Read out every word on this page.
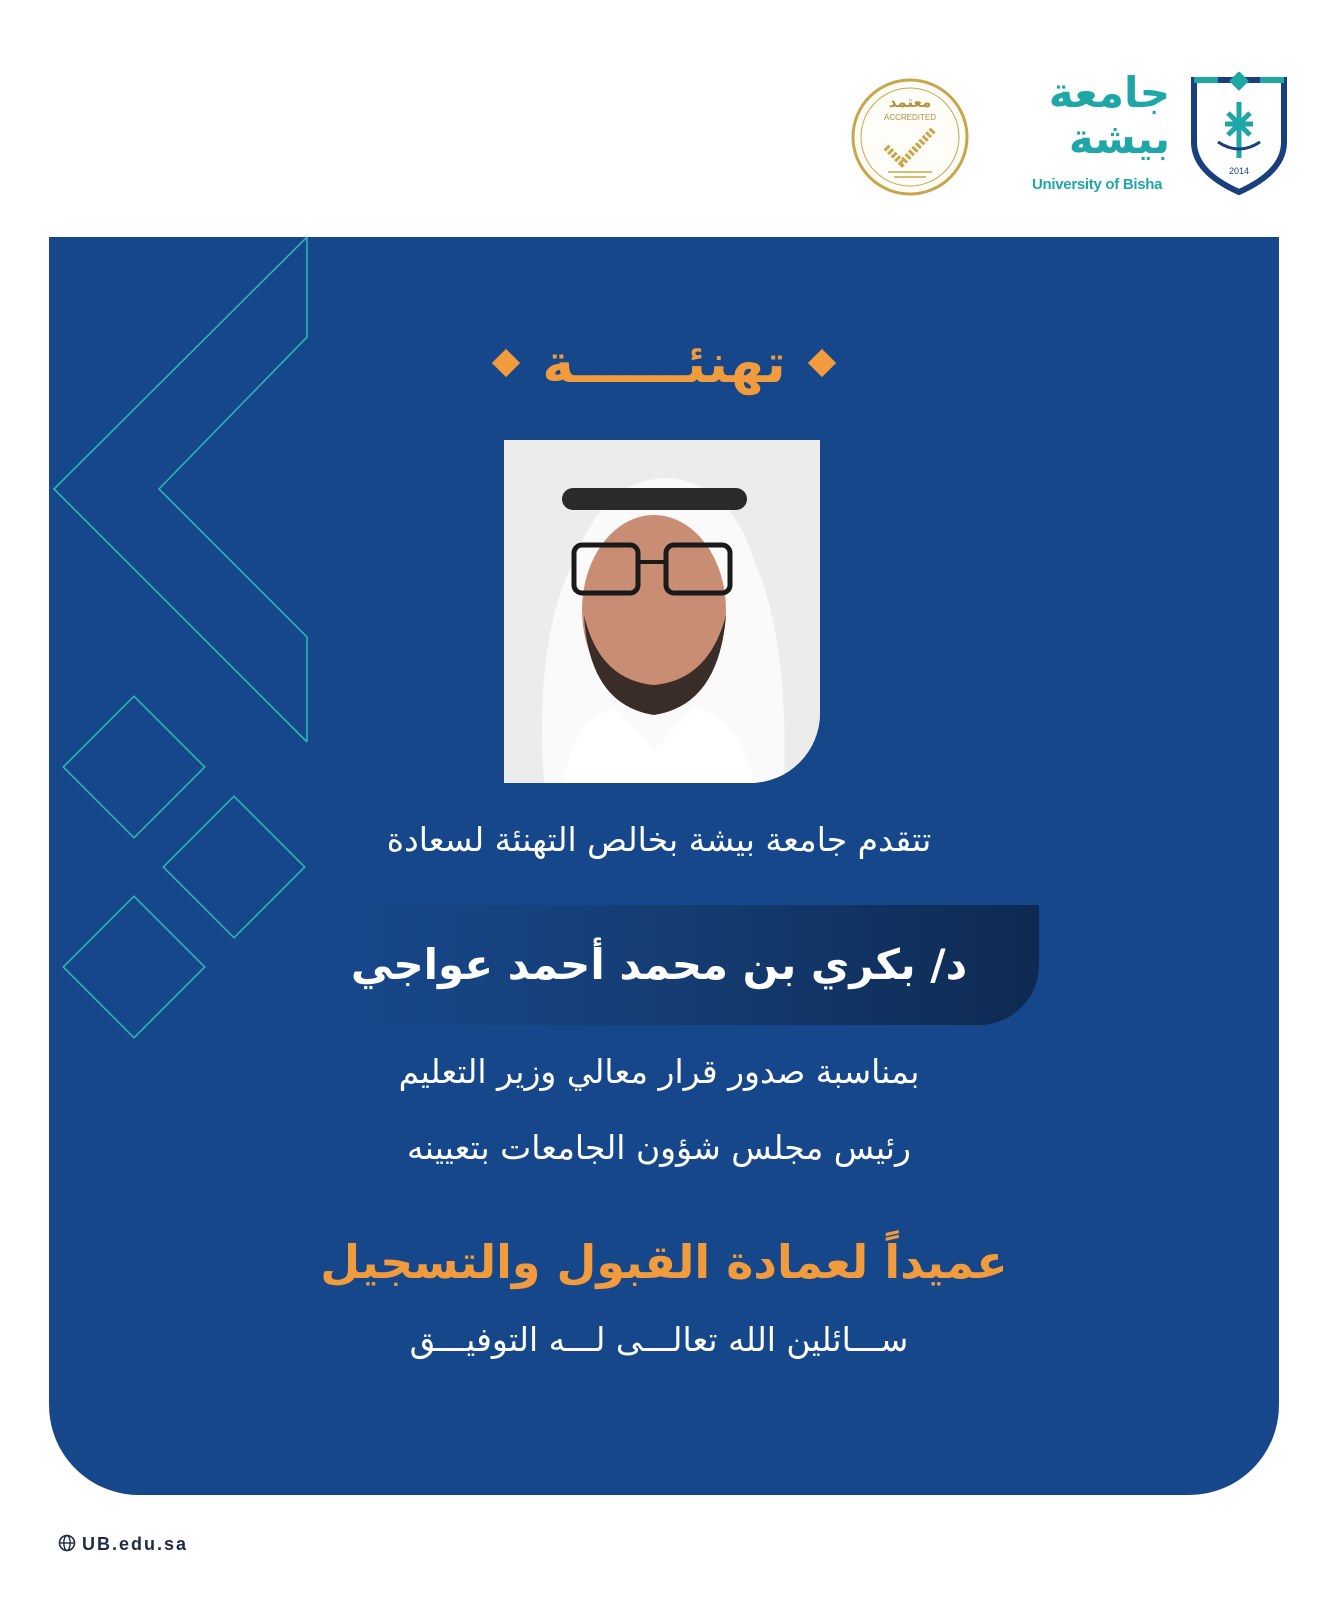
جامعة بيشة
University of Bisha
2014
معتمد
ACCREDITED
تهنئــــــة
تتقدم جامعة بيشة بخالص التهنئة لسعادة
د/ بكري بن محمد أحمد عواجي
بمناسبة صدور قرار معالي وزير التعليم
رئيس مجلس شؤون الجامعات بتعيينه
عميداً لعمادة القبول والتسجيل
ســـائلين الله تعالـــى لـــه التوفيـــق
UB.edu.sa
